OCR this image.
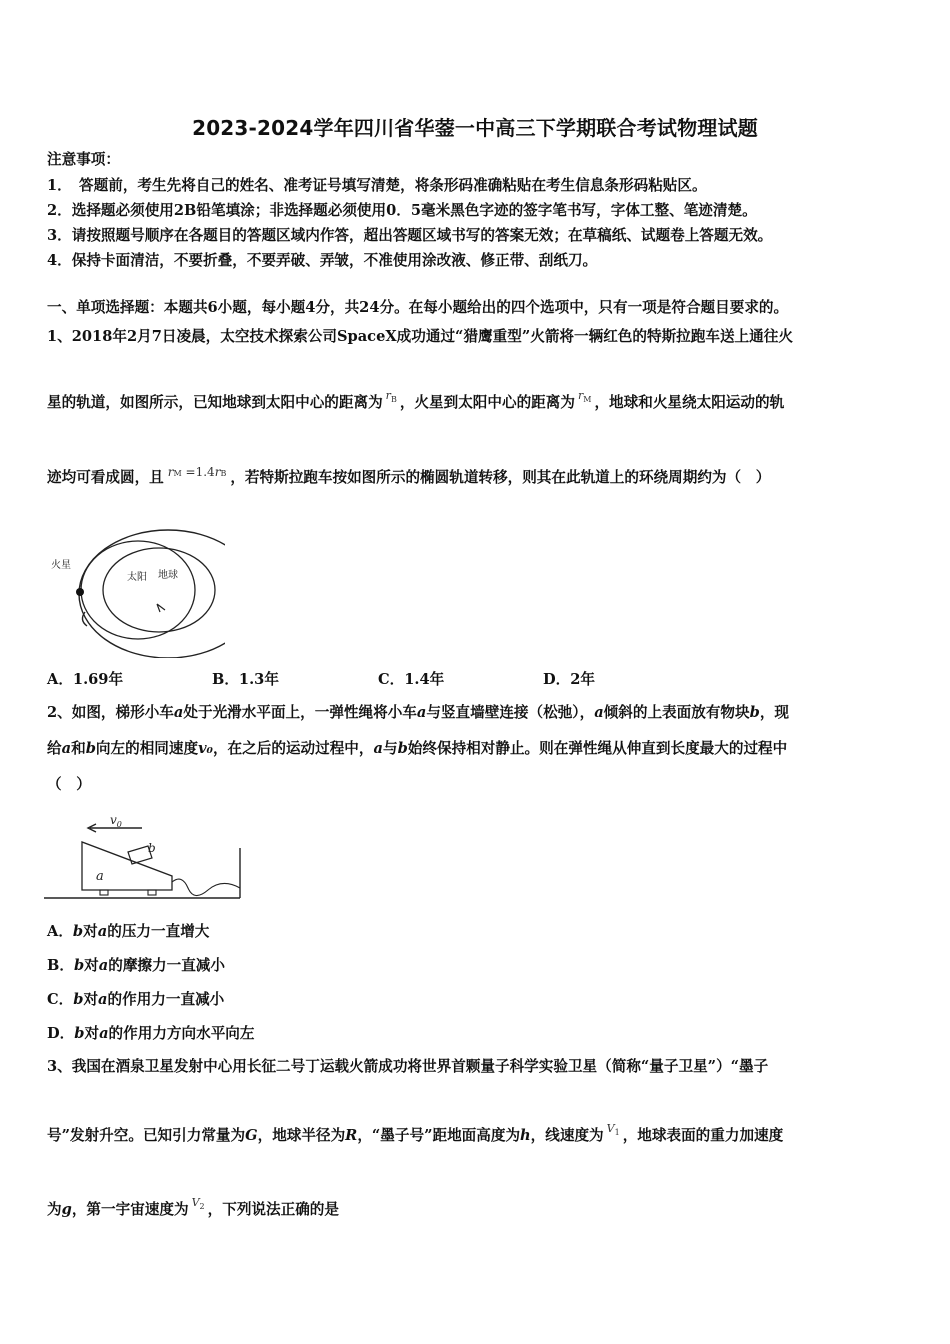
2023-2024学年四川省华蓥一中高三下学期联合考试物理试题
注意事项：
1．　答题前，考生先将自己的姓名、准考证号填写清楚，将条形码准确粘贴在考生信息条形码粘贴区。
2．选择题必须使用2B铅笔填涂；非选择题必须使用0．5毫米黑色字迹的签字笔书写，字体工整、笔迹清楚。
3．请按照题号顺序在各题目的答题区域内作答，超出答题区域书写的答案无效；在草稿纸、试题卷上答题无效。
4．保持卡面清洁，不要折叠，不要弄破、弄皱，不准使用涂改液、修正带、刮纸刀。
一、单项选择题：本题共6小题，每小题4分，共24分。在每小题给出的四个选项中，只有一项是符合题目要求的。
1、2018年2月7日凌晨，太空技术探索公司SpaceX成功通过“猎鹰重型”火箭将一辆红色的特斯拉跑车送上通往火
星的轨道，如图所示，已知地球到太阳中心的距离为 $r_B$ ，火星到太阳中心的距离为 $r_M$ ，地球和火星绕太阳运动的轨
迹均可看成圆，且 rM =1.4rB ，若特斯拉跑车按如图所示的椭圆轨道转移，则其在此轨道上的环绕周期约为（　）
火星
太阳 地球
A．1.69年	B．1.3年	C．1.4年	D．2年
2、如图，梯形小车a处于光滑水平面上，一弹性绳将小车a与竖直墙壁连接（松弛），a倾斜的上表面放有物块b，现
给a和b向左的相同速度v₀，在之后的运动过程中，a与b始终保持相对静止。则在弹性绳从伸直到长度最大的过程中
（　）
$v_0$
a
b
A．b对a的压力一直增大
B．b对a的摩擦力一直减小
C．b对a的作用力一直减小
D．b对a的作用力方向水平向左
3、我国在酒泉卫星发射中心用长征二号丁运载火箭成功将世界首颗量子科学实验卫星（简称“量子卫星”）“墨子
号”发射升空。已知引力常量为G，地球半径为R，“墨子号”距地面高度为h，线速度为 $V_1$ ，地球表面的重力加速度
为g，第一宇宙速度为 $V_2$ ，下列说法正确的是
